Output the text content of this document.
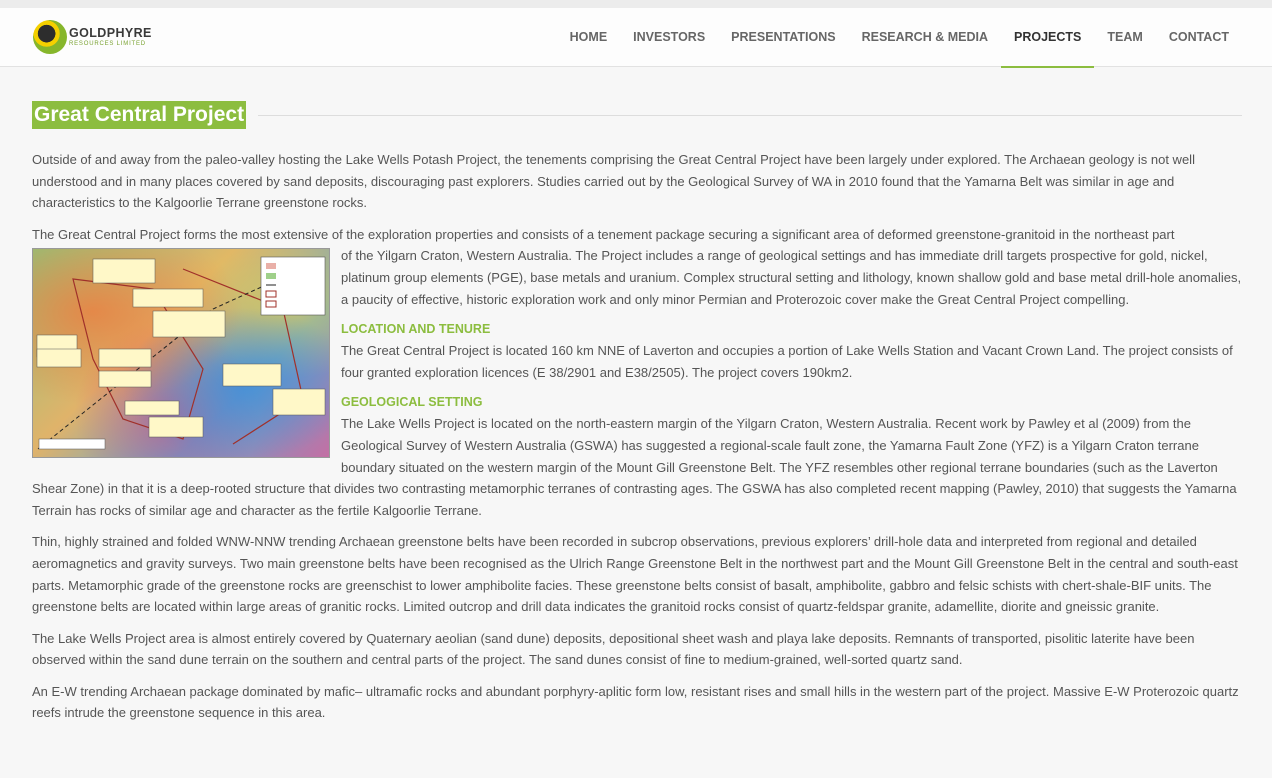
GOLDPHYRE
RESOURCES LIMITED	HOME	INVESTORS	PRESENTATIONS	RESEARCH & MEDIA	PROJECTS	TEAM	CONTACT
Great Central Project

Outside of and away from the paleo-valley hosting the Lake Wells Potash Project, the tenements comprising the Great Central Project have been largely under explored. The Archaean geology is not well understood and in many places covered by sand deposits, discouraging past explorers. Studies carried out by the Geological Survey of WA in 2010 found that the Yamarna Belt was similar in age and characteristics to the Kalgoorlie Terrane greenstone rocks.

The Great Central Project forms the most extensive of the exploration properties and consists of a tenement package securing a significant area of deformed greenstone-granitoid in the northeast part

of the Yilgarn Craton, Western Australia. The Project includes a range of geological settings and has immediate drill targets prospective for gold, nickel, platinum group elements (PGE), base metals and uranium. Complex structural setting and lithology, known shallow gold and base metal drill-hole anomalies, a paucity of effective, historic exploration work and only minor Permian and Proterozoic cover make the Great Central Project compelling.

LOCATION AND TENURE

The Great Central Project is located 160 km NNE of Laverton and occupies a portion of Lake Wells Station and Vacant Crown Land. The project consists of four granted exploration licences (E 38/2901 and E38/2505). The project covers 190km2.

GEOLOGICAL SETTING

The Lake Wells Project is located on the north-eastern margin of the Yilgarn Craton, Western Australia. Recent work by Pawley et al (2009) from the Geological Survey of Western Australia (GSWA) has suggested a regional-scale fault zone, the Yamarna Fault Zone (YFZ) is a Yilgarn Craton terrane boundary situated on the western margin of the Mount Gill Greenstone Belt. The YFZ resembles other regional terrane boundaries (such as the Laverton Shear Zone) in that it is a deep-rooted structure that divides two contrasting metamorphic terranes of contrasting ages. The GSWA has also completed recent mapping (Pawley, 2010) that suggests the Yamarna Terrain has rocks of similar age and character as the fertile Kalgoorlie Terrane.

Thin, highly strained and folded WNW-NNW trending Archaean greenstone belts have been recorded in subcrop observations, previous explorers’ drill-hole data and interpreted from regional and detailed aeromagnetics and gravity surveys. Two main greenstone belts have been recognised as the Ulrich Range Greenstone Belt in the northwest part and the Mount Gill Greenstone Belt in the central and south-east parts. Metamorphic grade of the greenstone rocks are greenschist to lower amphibolite facies. These greenstone belts consist of basalt, amphibolite, gabbro and felsic schists with chert-shale-BIF units. The greenstone belts are located within large areas of granitic rocks. Limited outcrop and drill data indicates the granitoid rocks consist of quartz-feldspar granite, adamellite, diorite and gneissic granite.

The Lake Wells Project area is almost entirely covered by Quaternary aeolian (sand dune) deposits, depositional sheet wash and playa lake deposits. Remnants of transported, pisolitic laterite have been observed within the sand dune terrain on the southern and central parts of the project. The sand dunes consist of fine to medium-grained, well-sorted quartz sand.

An E-W trending Archaean package dominated by mafic– ultramafic rocks and abundant porphyry-aplitic form low, resistant rises and small hills in the western part of the project. Massive E-W Proterozoic quartz reefs intrude the greenstone sequence in this area.
